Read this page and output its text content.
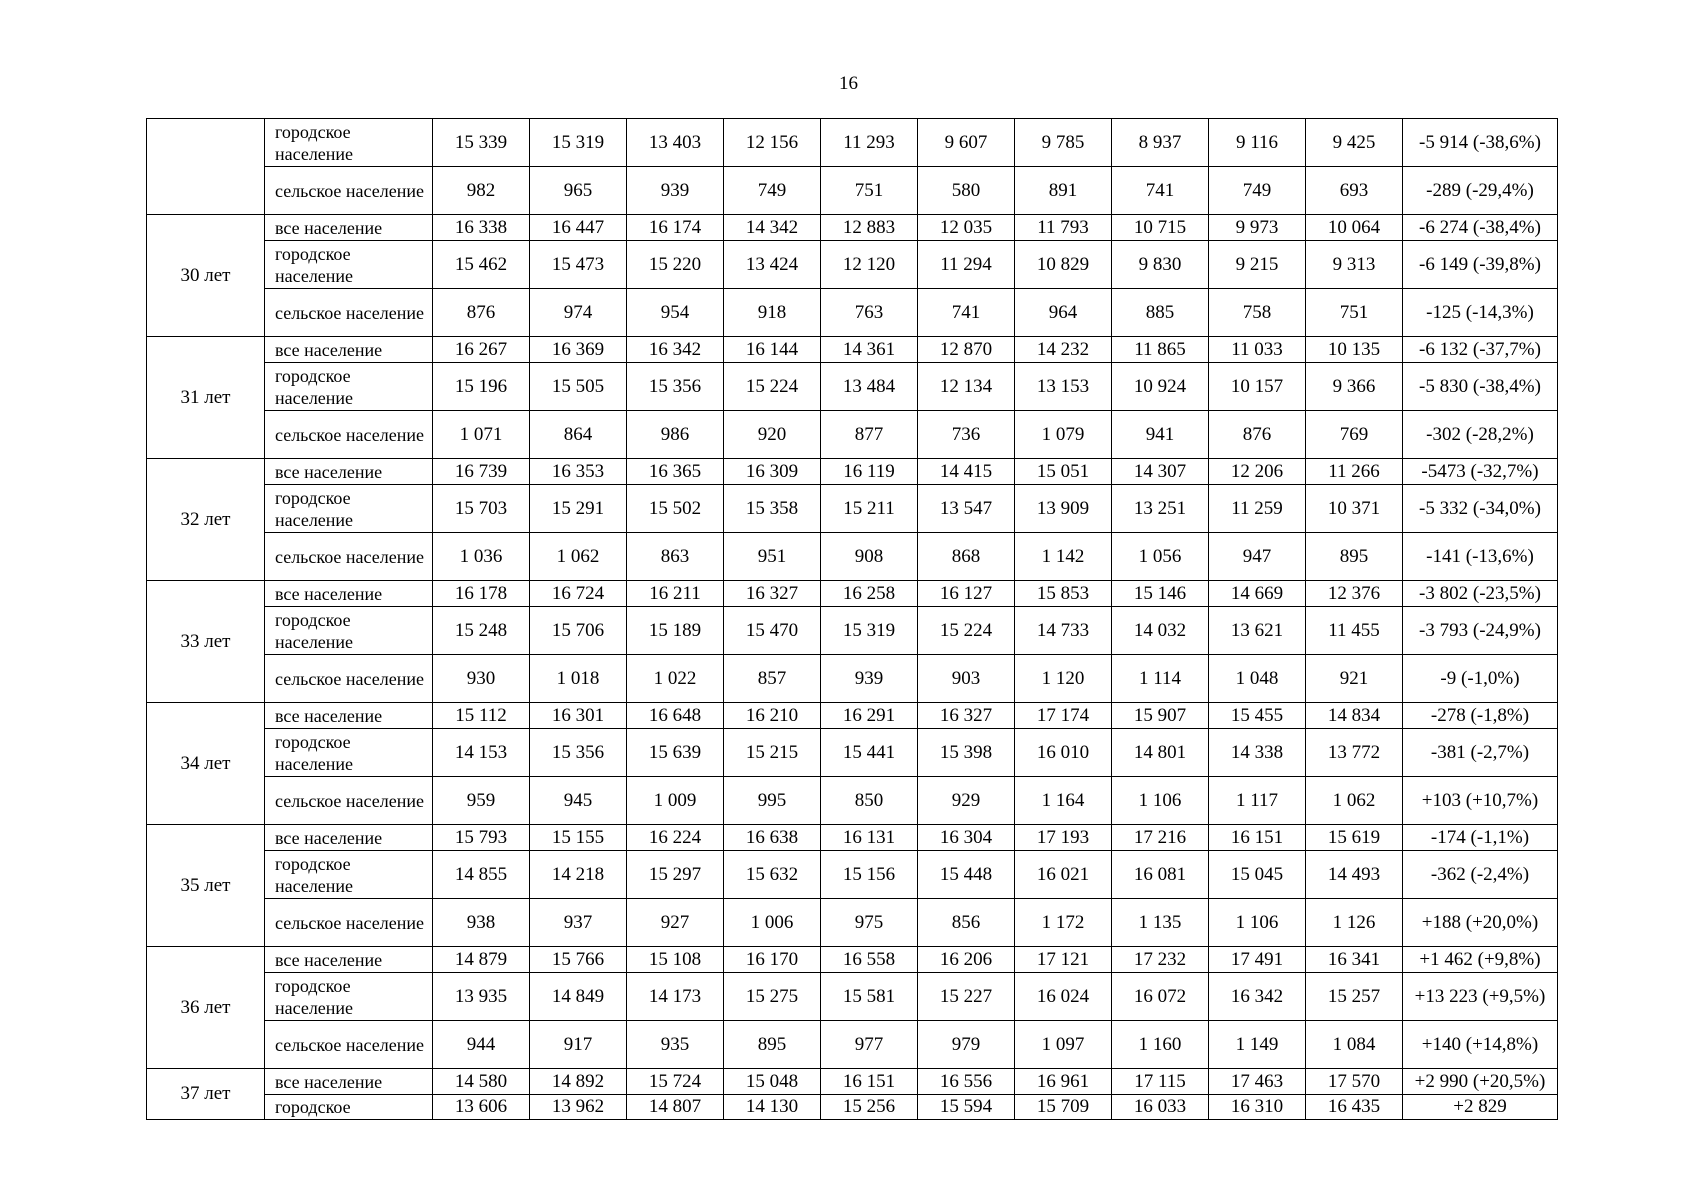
16
	городское население	15 339	15 319	13 403	12 156	11 293	9 607	9 785	8 937	9 116	9 425	-5 914 (-38,6%)
	сельское население	982	965	939	749	751	580	891	741	749	693	-289 (-29,4%)
30 лет	все население	16 338	16 447	16 174	14 342	12 883	12 035	11 793	10 715	9 973	10 064	-6 274 (-38,4%)
	городское население	15 462	15 473	15 220	13 424	12 120	11 294	10 829	9 830	9 215	9 313	-6 149 (-39,8%)
	сельское население	876	974	954	918	763	741	964	885	758	751	-125 (-14,3%)
31 лет	все население	16 267	16 369	16 342	16 144	14 361	12 870	14 232	11 865	11 033	10 135	-6 132 (-37,7%)
	городское население	15 196	15 505	15 356	15 224	13 484	12 134	13 153	10 924	10 157	9 366	-5 830 (-38,4%)
	сельское население	1 071	864	986	920	877	736	1 079	941	876	769	-302 (-28,2%)
32 лет	все население	16 739	16 353	16 365	16 309	16 119	14 415	15 051	14 307	12 206	11 266	-5473 (-32,7%)
	городское население	15 703	15 291	15 502	15 358	15 211	13 547	13 909	13 251	11 259	10 371	-5 332 (-34,0%)
	сельское население	1 036	1 062	863	951	908	868	1 142	1 056	947	895	-141 (-13,6%)
33 лет	все население	16 178	16 724	16 211	16 327	16 258	16 127	15 853	15 146	14 669	12 376	-3 802 (-23,5%)
	городское население	15 248	15 706	15 189	15 470	15 319	15 224	14 733	14 032	13 621	11 455	-3 793 (-24,9%)
	сельское население	930	1 018	1 022	857	939	903	1 120	1 114	1 048	921	-9 (-1,0%)
34 лет	все население	15 112	16 301	16 648	16 210	16 291	16 327	17 174	15 907	15 455	14 834	-278 (-1,8%)
	городское население	14 153	15 356	15 639	15 215	15 441	15 398	16 010	14 801	14 338	13 772	-381 (-2,7%)
	сельское население	959	945	1 009	995	850	929	1 164	1 106	1 117	1 062	+103 (+10,7%)
35 лет	все население	15 793	15 155	16 224	16 638	16 131	16 304	17 193	17 216	16 151	15 619	-174 (-1,1%)
	городское население	14 855	14 218	15 297	15 632	15 156	15 448	16 021	16 081	15 045	14 493	-362 (-2,4%)
	сельское население	938	937	927	1 006	975	856	1 172	1 135	1 106	1 126	+188 (+20,0%)
36 лет	все население	14 879	15 766	15 108	16 170	16 558	16 206	17 121	17 232	17 491	16 341	+1 462 (+9,8%)
	городское население	13 935	14 849	14 173	15 275	15 581	15 227	16 024	16 072	16 342	15 257	+13 223 (+9,5%)
	сельское население	944	917	935	895	977	979	1 097	1 160	1 149	1 084	+140 (+14,8%)
37 лет	все население	14 580	14 892	15 724	15 048	16 151	16 556	16 961	17 115	17 463	17 570	+2 990 (+20,5%)
	городское	13 606	13 962	14 807	14 130	15 256	15 594	15 709	16 033	16 310	16 435	+2 829
